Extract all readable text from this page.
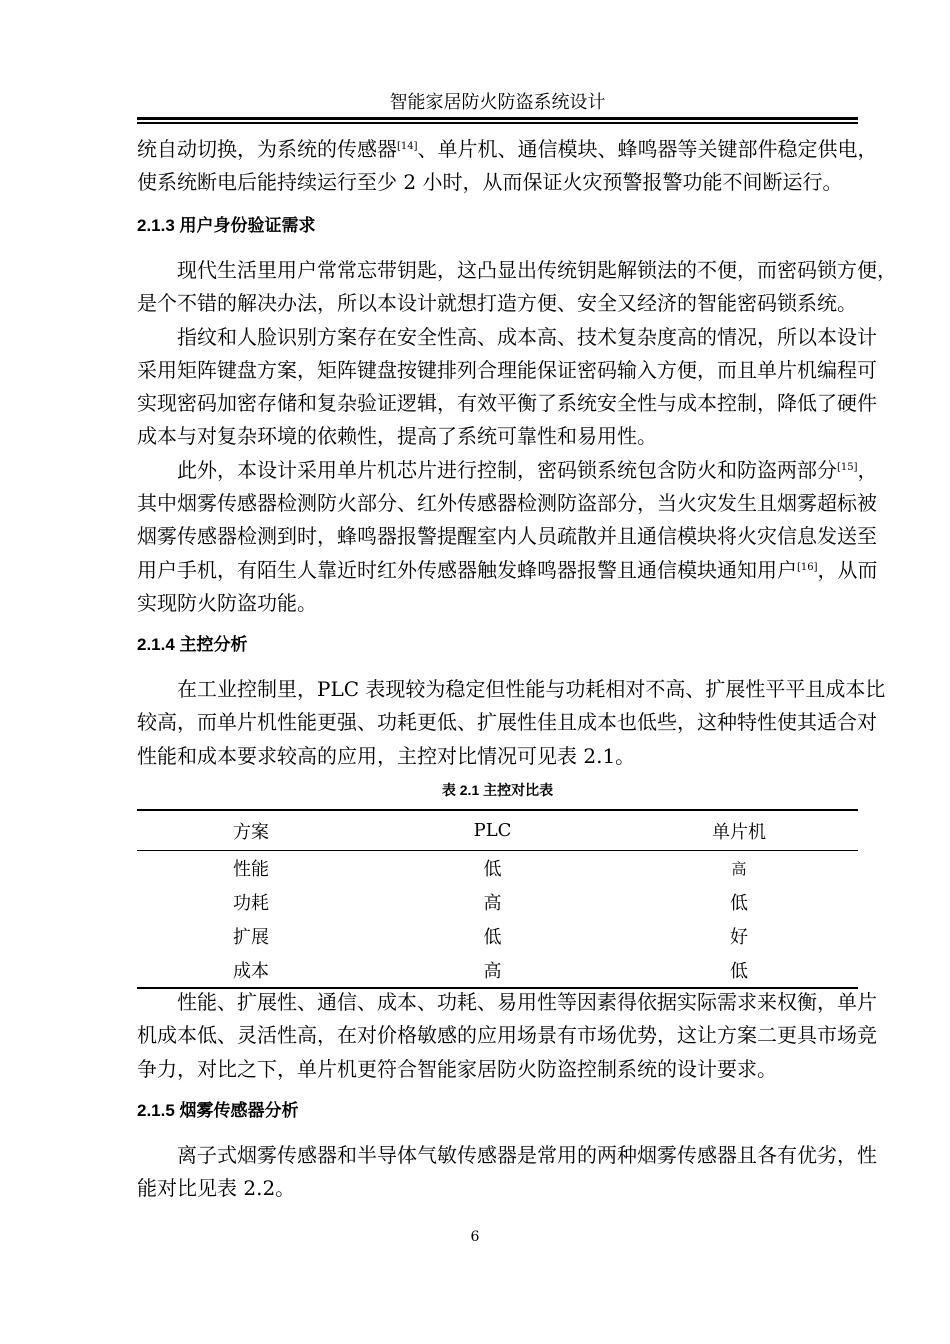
智能家居防火防盗系统设计
统自动切换，为系统的传感器[14]、单片机、通信模块、蜂鸣器等关键部件稳定供电，
使系统断电后能持续运行至少 2 小时，从而保证火灾预警报警功能不间断运行。
2.1.3 用户身份验证需求
现代生活里用户常常忘带钥匙，这凸显出传统钥匙解锁法的不便，而密码锁方便，
是个不错的解决办法，所以本设计就想打造方便、安全又经济的智能密码锁系统。
指纹和人脸识别方案存在安全性高、成本高、技术复杂度高的情况，所以本设计
采用矩阵键盘方案，矩阵键盘按键排列合理能保证密码输入方便，而且单片机编程可
实现密码加密存储和复杂验证逻辑，有效平衡了系统安全性与成本控制，降低了硬件
成本与对复杂环境的依赖性，提高了系统可靠性和易用性。
此外，本设计采用单片机芯片进行控制，密码锁系统包含防火和防盗两部分[15]，
其中烟雾传感器检测防火部分、红外传感器检测防盗部分，当火灾发生且烟雾超标被
烟雾传感器检测到时，蜂鸣器报警提醒室内人员疏散并且通信模块将火灾信息发送至
用户手机，有陌生人靠近时红外传感器触发蜂鸣器报警且通信模块通知用户[16]，从而
实现防火防盗功能。
2.1.4 主控分析
在工业控制里，PLC 表现较为稳定但性能与功耗相对不高、扩展性平平且成本比
较高，而单片机性能更强、功耗更低、扩展性佳且成本也低些，这种特性使其适合对
性能和成本要求较高的应用，主控对比情况可见表 2.1。
表 2.1 主控对比表
方案	PLC	单片机
性能	低	高
功耗	高	低
扩展	低	好
成本	高	低
性能、扩展性、通信、成本、功耗、易用性等因素得依据实际需求来权衡，单片
机成本低、灵活性高，在对价格敏感的应用场景有市场优势，这让方案二更具市场竞
争力，对比之下，单片机更符合智能家居防火防盗控制系统的设计要求。
2.1.5 烟雾传感器分析
离子式烟雾传感器和半导体气敏传感器是常用的两种烟雾传感器且各有优劣，性
能对比见表 2.2。
6
